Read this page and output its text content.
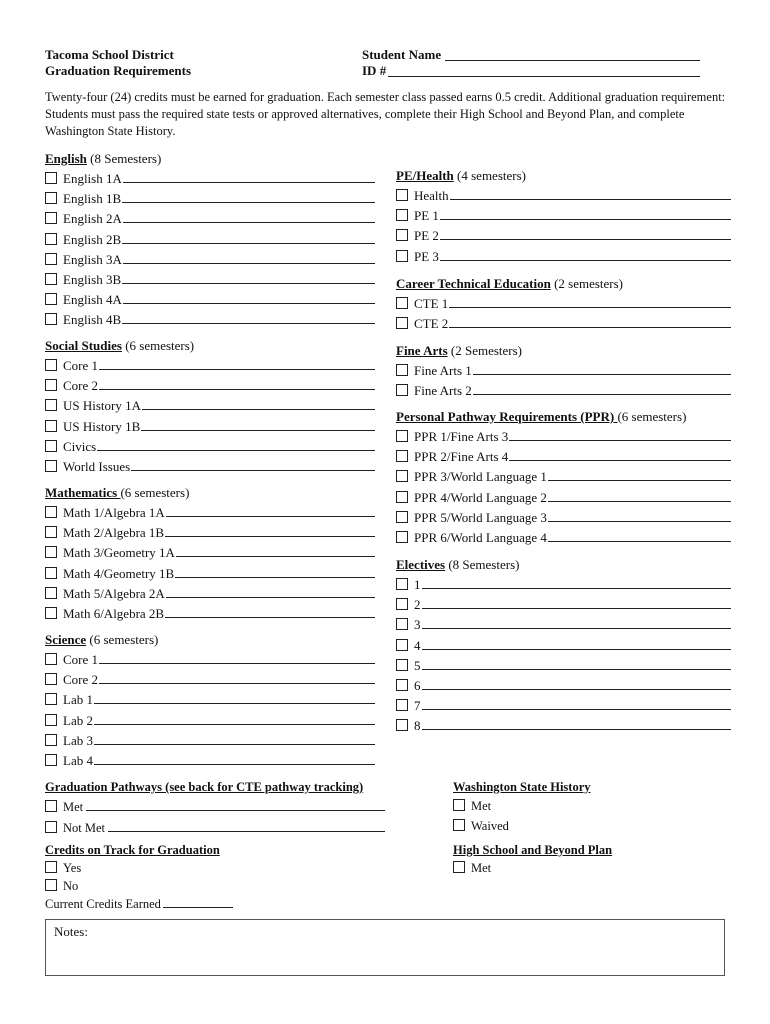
Tacoma School District
Graduation Requirements
Student Name
ID #
Twenty-four (24) credits must be earned for graduation. Each semester class passed earns 0.5 credit. Additional graduation requirement: Students must pass the required state tests or approved alternatives, complete their High School and Beyond Plan, and complete Washington State History.
English (8 Semesters)
English 1A
English 1B
English 2A
English 2B
English 3A
English 3B
English 4A
English 4B
Social Studies (6 semesters)
Core 1
Core 2
US History 1A
US History 1B
Civics
World Issues
Mathematics (6 semesters)
Math 1/Algebra 1A
Math 2/Algebra 1B
Math 3/Geometry 1A
Math 4/Geometry 1B
Math 5/Algebra 2A
Math 6/Algebra 2B
Science (6 semesters)
Core 1
Core 2
Lab 1
Lab 2
Lab 3
Lab 4
PE/Health (4 semesters)
Health
PE 1
PE 2
PE 3
Career Technical Education (2 semesters)
CTE 1
CTE 2
Fine Arts (2 Semesters)
Fine Arts 1
Fine Arts 2
Personal Pathway Requirements (PPR) (6 semesters)
PPR 1/Fine Arts 3
PPR 2/Fine Arts 4
PPR 3/World Language 1
PPR 4/World Language 2
PPR 5/World Language 3
PPR 6/World Language 4
Electives (8 Semesters)
1
2
3
4
5
6
7
8
Graduation Pathways (see back for CTE pathway tracking)
Met
Not Met
Washington State History
Met
Waived
Credits on Track for Graduation
Yes
No
Current Credits Earned
High School and Beyond Plan
Met
Notes:
